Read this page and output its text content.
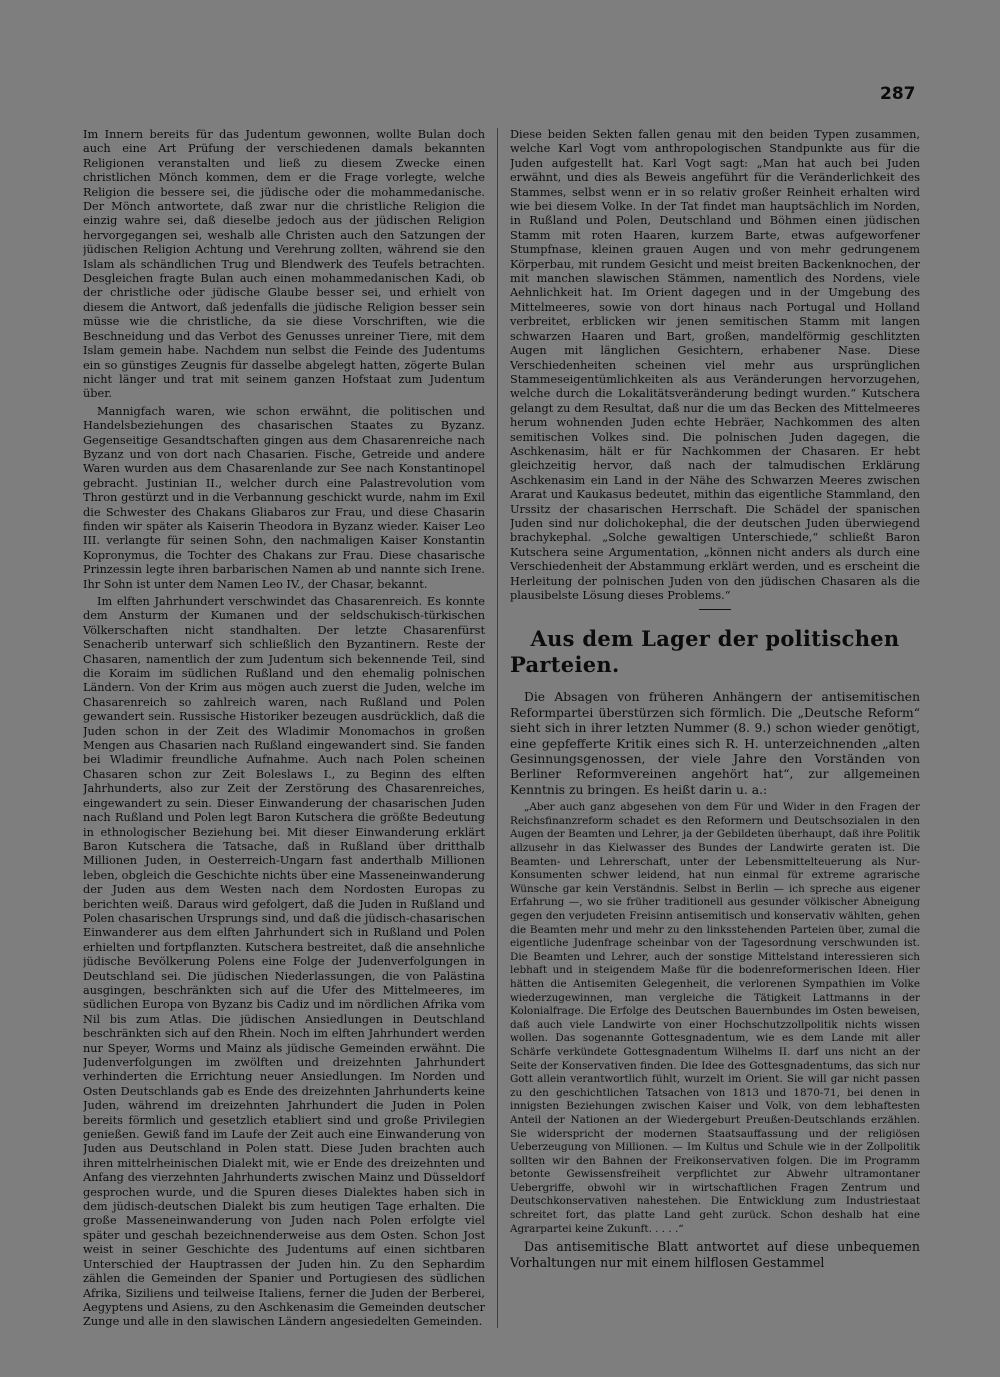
287

Im Innern bereits für das Judentum gewonnen, wollte Bulan doch auch eine Art Prüfung der verschiedenen damals bekannten Religionen veranstalten und ließ zu diesem Zwecke einen christlichen Mönch kommen, dem er die Frage vorlegte, welche Religion die bessere sei, die jüdische oder die mohammedanische. Der Mönch antwortete, daß zwar nur die christliche Religion die einzig wahre sei, daß dieselbe jedoch aus der jüdischen Religion hervorgegangen sei, weshalb alle Christen auch den Satzungen der jüdischen Religion Achtung und Verehrung zollten, während sie den Islam als schändlichen Trug und Blendwerk des Teufels betrachten. Desgleichen fragte Bulan auch einen mohammedanischen Kadi, ob der christliche oder jüdische Glaube besser sei, und erhielt von diesem die Antwort, daß jedenfalls die jüdische Religion besser sein müsse wie die christliche, da sie diese Vorschriften, wie die Beschneidung und das Verbot des Genusses unreiner Tiere, mit dem Islam gemein habe. Nachdem nun selbst die Feinde des Judentums ein so günstiges Zeugnis für dasselbe abgelegt hatten, zögerte Bulan nicht länger und trat mit seinem ganzen Hofstaat zum Judentum über.

Mannigfach waren, wie schon erwähnt, die politischen und Handelsbeziehungen des chasarischen Staates zu Byzanz. Gegenseitige Gesandtschaften gingen aus dem Chasarenreiche nach Byzanz und von dort nach Chasarien. Fische, Getreide und andere Waren wurden aus dem Chasarenlande zur See nach Konstantinopel gebracht. Justinian II., welcher durch eine Palastrevolution vom Thron gestürzt und in die Verbannung geschickt wurde, nahm im Exil die Schwester des Chakans Gliabaros zur Frau, und diese Chasarin finden wir später als Kaiserin Theodora in Byzanz wieder. Kaiser Leo III. verlangte für seinen Sohn, den nachmaligen Kaiser Konstantin Kopronymus, die Tochter des Chakans zur Frau. Diese chasarische Prinzessin legte ihren barbarischen Namen ab und nannte sich Irene. Ihr Sohn ist unter dem Namen Leo IV., der Chasar, bekannt.

Im elften Jahrhundert verschwindet das Chasarenreich. Es konnte dem Ansturm der Kumanen und der seldschukisch-türkischen Völkerschaften nicht standhalten. Der letzte Chasarenfürst Senacherib unterwarf sich schließlich den Byzantinern. Reste der Chasaren, namentlich der zum Judentum sich bekennende Teil, sind die Koraim im südlichen Rußland und den ehemalig polnischen Ländern. Von der Krim aus mögen auch zuerst die Juden, welche im Chasarenreich so zahlreich waren, nach Rußland und Polen gewandert sein. Russische Historiker bezeugen ausdrücklich, daß die Juden schon in der Zeit des Wladimir Monomachos in großen Mengen aus Chasarien nach Rußland eingewandert sind. Sie fanden bei Wladimir freundliche Aufnahme. Auch nach Polen scheinen Chasaren schon zur Zeit Boleslaws I., zu Beginn des elften Jahrhunderts, also zur Zeit der Zerstörung des Chasarenreiches, eingewandert zu sein. Dieser Einwanderung der chasarischen Juden nach Rußland und Polen legt Baron Kutschera die größte Bedeutung in ethnologischer Beziehung bei. Mit dieser Einwanderung erklärt Baron Kutschera die Tatsache, daß in Rußland über dritthalb Millionen Juden, in Oesterreich-Ungarn fast anderthalb Millionen leben, obgleich die Geschichte nichts über eine Masseneinwanderung der Juden aus dem Westen nach dem Nordosten Europas zu berichten weiß. Daraus wird gefolgert, daß die Juden in Rußland und Polen chasarischen Ursprungs sind, und daß die jüdisch-chasarischen Einwanderer aus dem elften Jahrhundert sich in Rußland und Polen erhielten und fortpflanzten. Kutschera bestreitet, daß die ansehnliche jüdische Bevölkerung Polens eine Folge der Judenverfolgungen in Deutschland sei. Die jüdischen Niederlassungen, die von Palästina ausgingen, beschränkten sich auf die Ufer des Mittelmeeres, im südlichen Europa von Byzanz bis Cadiz und im nördlichen Afrika vom Nil bis zum Atlas. Die jüdischen Ansiedlungen in Deutschland beschränkten sich auf den Rhein. Noch im elften Jahrhundert werden nur Speyer, Worms und Mainz als jüdische Gemeinden erwähnt. Die Judenverfolgungen im zwölften und dreizehnten Jahrhundert verhinderten die Errichtung neuer Ansiedlungen. Im Norden und Osten Deutschlands gab es Ende des dreizehnten Jahrhunderts keine Juden, während im dreizehnten Jahrhundert die Juden in Polen bereits förmlich und gesetzlich etabliert sind und große Privilegien genießen. Gewiß fand im Laufe der Zeit auch eine Einwanderung von Juden aus Deutschland in Polen statt. Diese Juden brachten auch ihren mittelrheinischen Dialekt mit, wie er Ende des dreizehnten und Anfang des vierzehnten Jahrhunderts zwischen Mainz und Düsseldorf gesprochen wurde, und die Spuren dieses Dialektes haben sich in dem jüdisch-deutschen Dialekt bis zum heutigen Tage erhalten. Die große Masseneinwanderung von Juden nach Polen erfolgte viel später und geschah bezeichnenderweise aus dem Osten. Schon Jost weist in seiner Geschichte des Judentums auf einen sichtbaren Unterschied der Hauptrassen der Juden hin. Zu den Sephardim zählen die Gemeinden der Spanier und Portugiesen des südlichen Afrika, Siziliens und teilweise Italiens, ferner die Juden der Berberei, Aegyptens und Asiens, zu den Aschkenasim die Gemeinden deutscher Zunge und alle in den slawischen Ländern angesiedelten Gemeinden.

Diese beiden Sekten fallen genau mit den beiden Typen zusammen, welche Karl Vogt vom anthropologischen Standpunkte aus für die Juden aufgestellt hat. Karl Vogt sagt: „Man hat auch bei Juden erwähnt, und dies als Beweis angeführt für die Veränderlichkeit des Stammes, selbst wenn er in so relativ großer Reinheit erhalten wird wie bei diesem Volke. In der Tat findet man hauptsächlich im Norden, in Rußland und Polen, Deutschland und Böhmen einen jüdischen Stamm mit roten Haaren, kurzem Barte, etwas aufgeworfener Stumpfnase, kleinen grauen Augen und von mehr gedrungenem Körperbau, mit rundem Gesicht und meist breiten Backenknochen, der mit manchen slawischen Stämmen, namentlich des Nordens, viele Aehnlichkeit hat. Im Orient dagegen und in der Umgebung des Mittelmeeres, sowie von dort hinaus nach Portugal und Holland verbreitet, erblicken wir jenen semitischen Stamm mit langen schwarzen Haaren und Bart, großen, mandelförmig geschlitzten Augen mit länglichen Gesichtern, erhabener Nase. Diese Verschiedenheiten scheinen viel mehr aus ursprünglichen Stammeseigentümlichkeiten als aus Veränderungen hervorzugehen, welche durch die Lokalitätsveränderung bedingt wurden.“ Kutschera gelangt zu dem Resultat, daß nur die um das Becken des Mittelmeeres herum wohnenden Juden echte Hebräer, Nachkommen des alten semitischen Volkes sind. Die polnischen Juden dagegen, die Aschkenasim, hält er für Nachkommen der Chasaren. Er hebt gleichzeitig hervor, daß nach der talmudischen Erklärung Aschkenasim ein Land in der Nähe des Schwarzen Meeres zwischen Ararat und Kaukasus bedeutet, mithin das eigentliche Stammland, den Urssitz der chasarischen Herrschaft. Die Schädel der spanischen Juden sind nur dolichokephal, die der deutschen Juden überwiegend brachykephal. „Solche gewaltigen Unterschiede,“ schließt Baron Kutschera seine Argumentation, „können nicht anders als durch eine Verschiedenheit der Abstammung erklärt werden, und es erscheint die Herleitung der polnischen Juden von den jüdischen Chasaren als die plausibelste Lösung dieses Problems.“

Aus dem Lager der politischen Parteien.

Die Absagen von früheren Anhängern der antisemitischen Reformpartei überstürzen sich förmlich. Die „Deutsche Reform“ sieht sich in ihrer letzten Nummer (8. 9.) schon wieder genötigt, eine gepfefferte Kritik eines sich R. H. unterzeichnenden „alten Gesinnungsgenossen, der viele Jahre den Vorständen von Berliner Reformvereinen angehört hat“, zur allgemeinen Kenntnis zu bringen. Es heißt darin u. a.:

„Aber auch ganz abgesehen von dem Für und Wider in den Fragen der Reichsfinanzreform schadet es den Reformern und Deutschsozialen in den Augen der Beamten und Lehrer, ja der Gebildeten überhaupt, daß ihre Politik allzusehr in das Kielwasser des Bundes der Landwirte geraten ist. Die Beamten- und Lehrerschaft, unter der Lebensmittelteuerung als Nur-Konsumenten schwer leidend, hat nun einmal für extreme agrarische Wünsche gar kein Verständnis. Selbst in Berlin — ich spreche aus eigener Erfahrung —, wo sie früher traditionell aus gesunder völkischer Abneigung gegen den verjudeten Freisinn antisemitisch und konservativ wählten, gehen die Beamten mehr und mehr zu den linksstehenden Parteien über, zumal die eigentliche Judenfrage scheinbar von der Tagesordnung verschwunden ist. Die Beamten und Lehrer, auch der sonstige Mittelstand interessieren sich lebhaft und in steigendem Maße für die bodenreformerischen Ideen. Hier hätten die Antisemiten Gelegenheit, die verlorenen Sympathien im Volke wiederzugewinnen, man vergleiche die Tätigkeit Lattmanns in der Kolonialfrage. Die Erfolge des Deutschen Bauernbundes im Osten beweisen, daß auch viele Landwirte von einer Hochschutzzollpolitik nichts wissen wollen. Das sogenannte Gottesgnadentum, wie es dem Lande mit aller Schärfe verkündete Gottesgnadentum Wilhelms II. darf uns nicht an der Seite der Konservativen finden. Die Idee des Gottesgnadentums, das sich nur Gott allein verantwortlich fühlt, wurzelt im Orient. Sie will gar nicht passen zu den geschichtlichen Tatsachen von 1813 und 1870-71, bei denen in innigsten Beziehungen zwischen Kaiser und Volk, von dem lebhaftesten Anteil der Nationen an der Wiedergeburt Preußen-Deutschlands erzählen. Sie widerspricht der modernen Staatsauffassung und der religiösen Ueberzeugung von Millionen. — Im Kultus und Schule wie in der Zollpolitik sollten wir den Bahnen der Freikonservativen folgen. Die im Programm betonte Gewissensfreiheit verpflichtet zur Abwehr ultramontaner Uebergriffe, obwohl wir in wirtschaftlichen Fragen Zentrum und Deutschkonservativen nahestehen. Die Entwicklung zum Industriestaat schreitet fort, das platte Land geht zurück. Schon deshalb hat eine Agrarpartei keine Zukunft. . . . .“

Das antisemitische Blatt antwortet auf diese unbequemen Vorhaltungen nur mit einem hilflosen Gestammel
